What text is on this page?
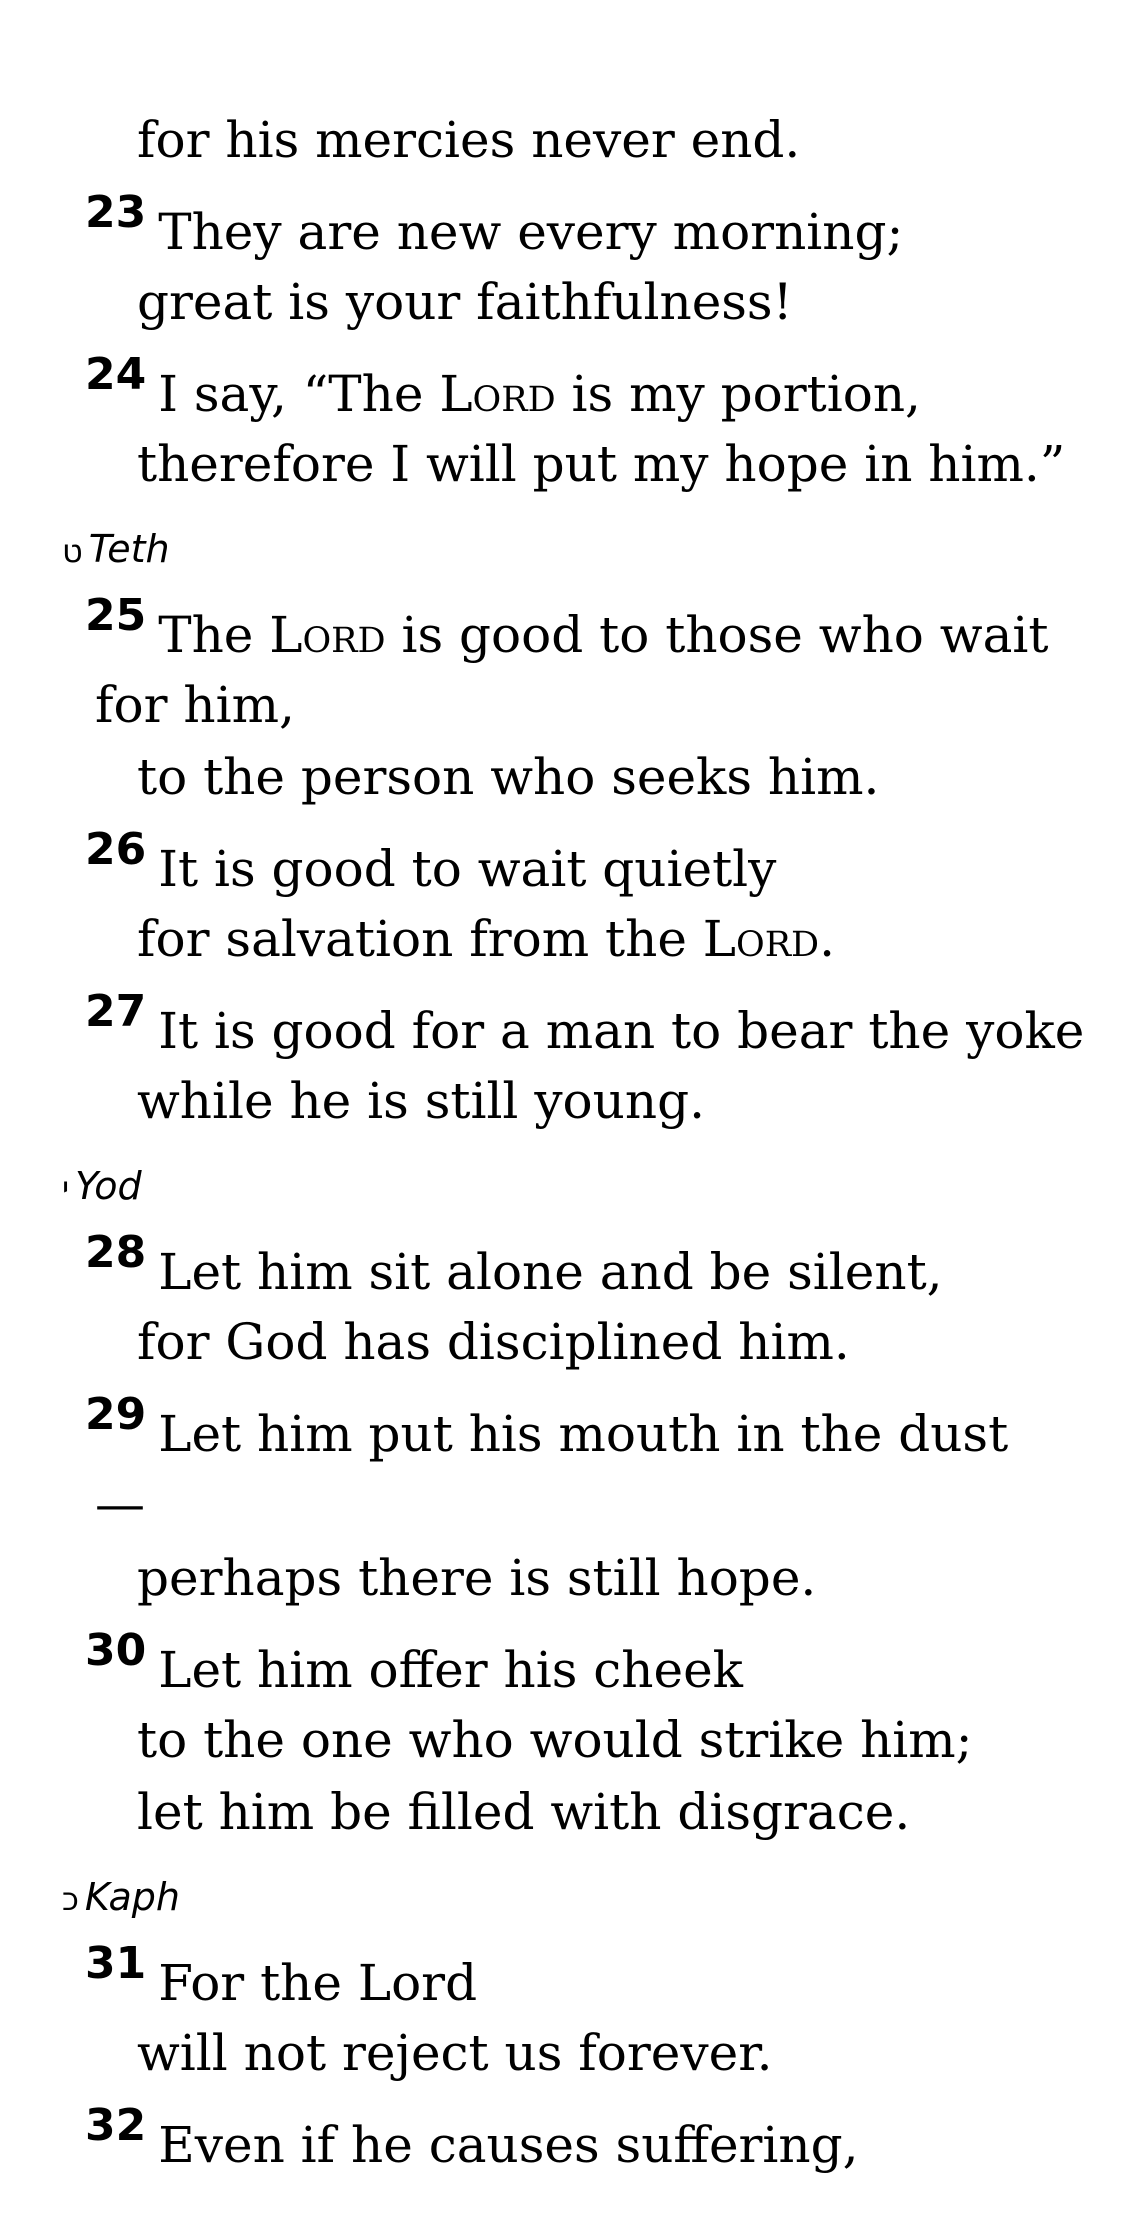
for his mercies never end.
23 They are new every morning;
great is your faithfulness!
24 I say, “The Lord is my portion,
therefore I will put my hope in him.”
ט Teth
25 The Lord is good to those who wait
for him,
to the person who seeks him.
26 It is good to wait quietly
for salvation from the Lord.
27 It is good for a man to bear the yoke
while he is still young.
י Yod
28 Let him sit alone and be silent,
for God has disciplined him.
29 Let him put his mouth in the dust
—
perhaps there is still hope.
30 Let him offer his cheek
to the one who would strike him;
let him be filled with disgrace.
כ Kaph
31 For the Lord
will not reject us forever.
32 Even if he causes suffering,
